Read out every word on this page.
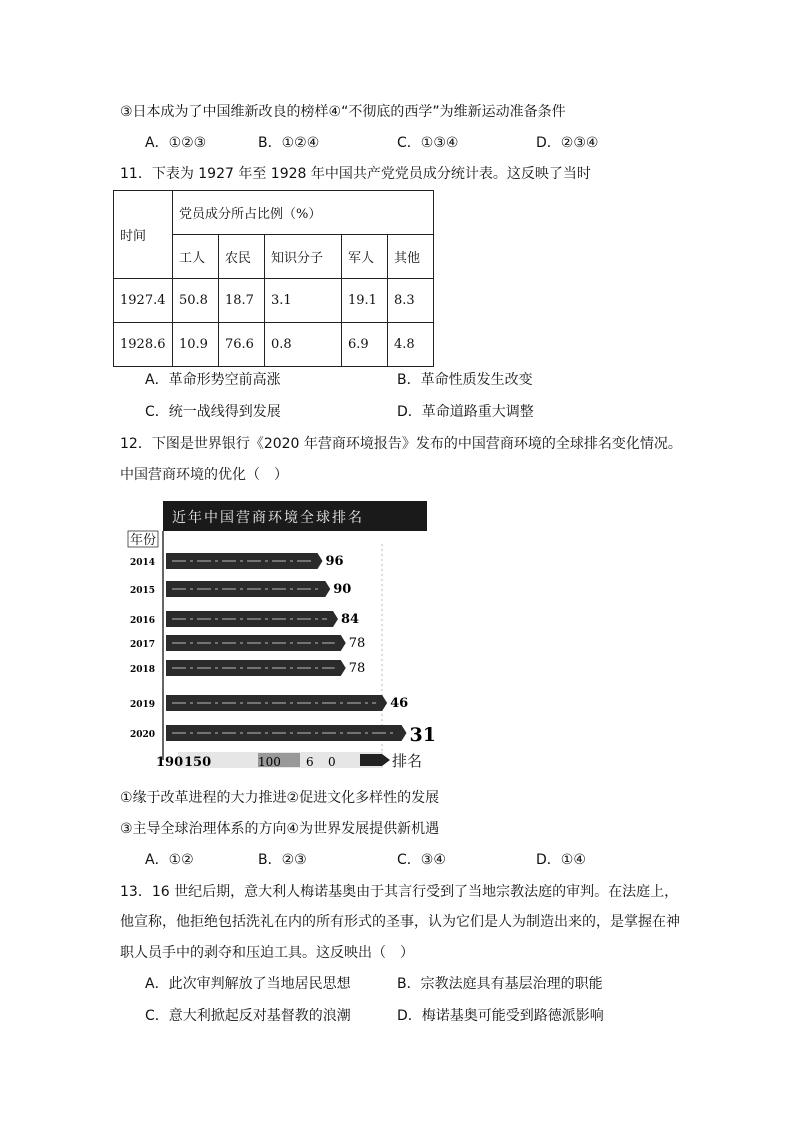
③日本成为了中国维新改良的榜样④“不彻底的西学”为维新运动准备条件
A．①②③	B．①②④	C．①③④	D．②③④
11．下表为 1927 年至 1928 年中国共产党党员成分统计表。这反映了当时
时间	党员成分所占比例（%）				
	工人	农民	知识分子	军人	其他
1927.4	50.8	18.7	3.1	19.1	8.3
1928.6	10.9	76.6	0.8	6.9	4.8
A．革命形势空前高涨	B．革命性质发生改变
C．统一战线得到发展	D．革命道路重大调整
12．下图是世界银行《2020 年营商环境报告》发布的中国营商环境的全球排名变化情况。
中国营商环境的优化（　）
近年中国营商环境全球排名
年份
2014	96
2015	90
2016	84
2017	78
2018	78
2019	46
2020	31
190 150	100 6 0	排名
①缘于改革进程的大力推进②促进文化多样性的发展
③主导全球治理体系的方向④为世界发展提供新机遇
A．①②	B．②③	C．③④	D．①④
13．16 世纪后期，意大利人梅诺基奥由于其言行受到了当地宗教法庭的审判。在法庭上，
他宣称，他拒绝包括洗礼在内的所有形式的圣事，认为它们是人为制造出来的，是掌握在神
职人员手中的剥夺和压迫工具。这反映出（　）
A．此次审判解放了当地居民思想	B．宗教法庭具有基层治理的职能
C．意大利掀起反对基督教的浪潮	D．梅诺基奥可能受到路德派影响
